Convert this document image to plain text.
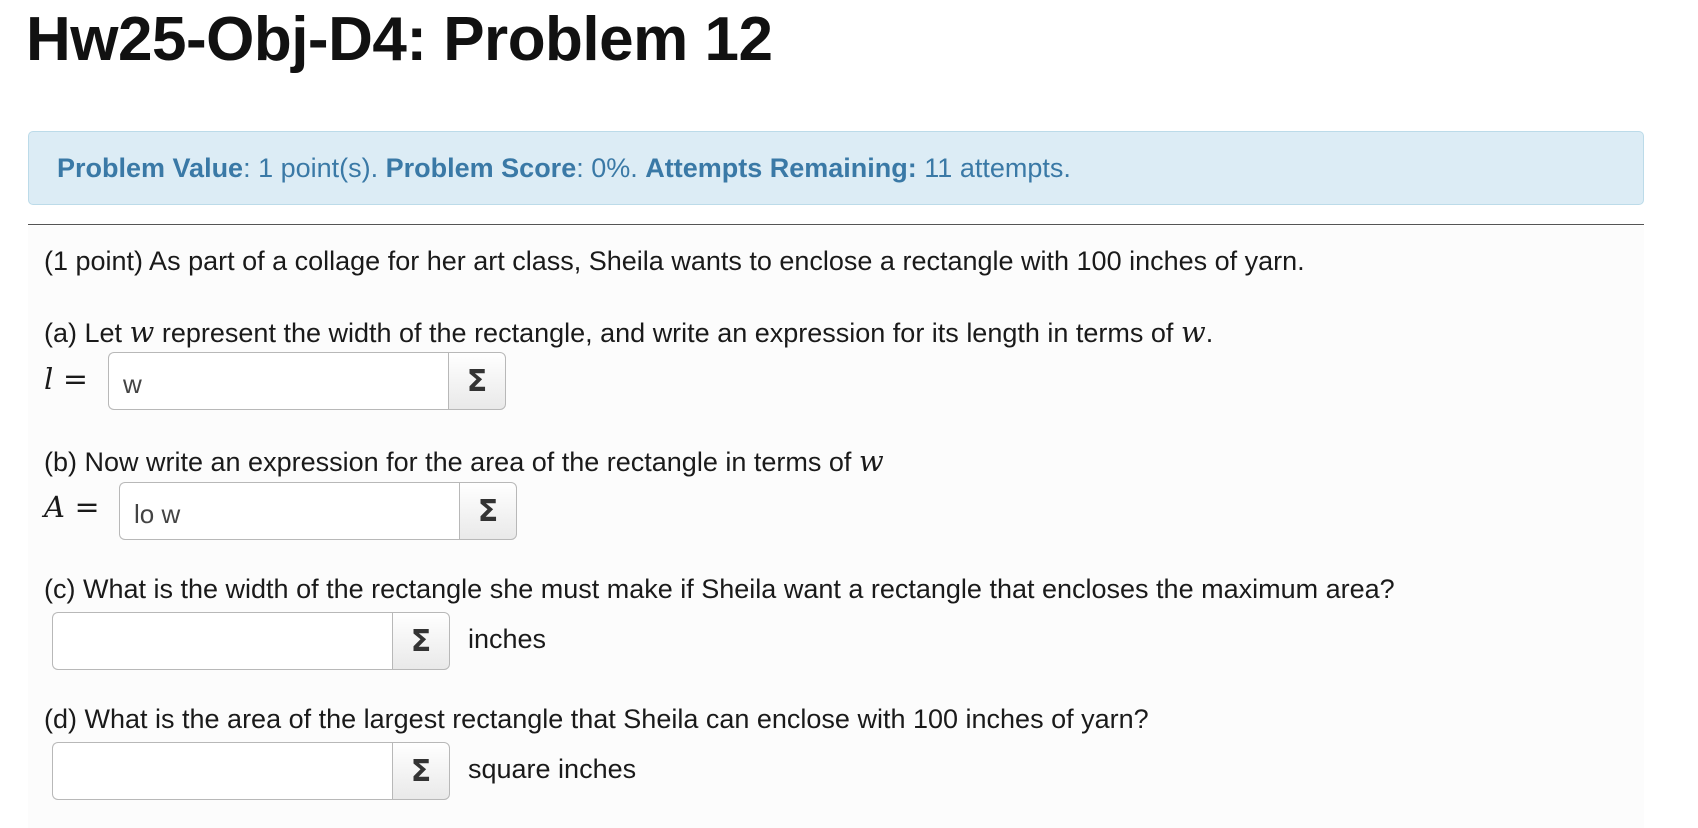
Hw25-Obj-D4: Problem 12
Problem Value: 1 point(s). Problem Score: 0%. Attempts Remaining: 11 attempts.
(1 point) As part of a collage for her art class, Sheila wants to enclose a rectangle with 100 inches of yarn.
(a) Let w represent the width of the rectangle, and write an expression for its length in terms of w.
l =
w	Σ
(b) Now write an expression for the area of the rectangle in terms of w
A =
lo w	Σ
(c) What is the width of the rectangle she must make if Sheila want a rectangle that encloses the maximum area?
Σ inches
(d) What is the area of the largest rectangle that Sheila can enclose with 100 inches of yarn?
Σ square inches
